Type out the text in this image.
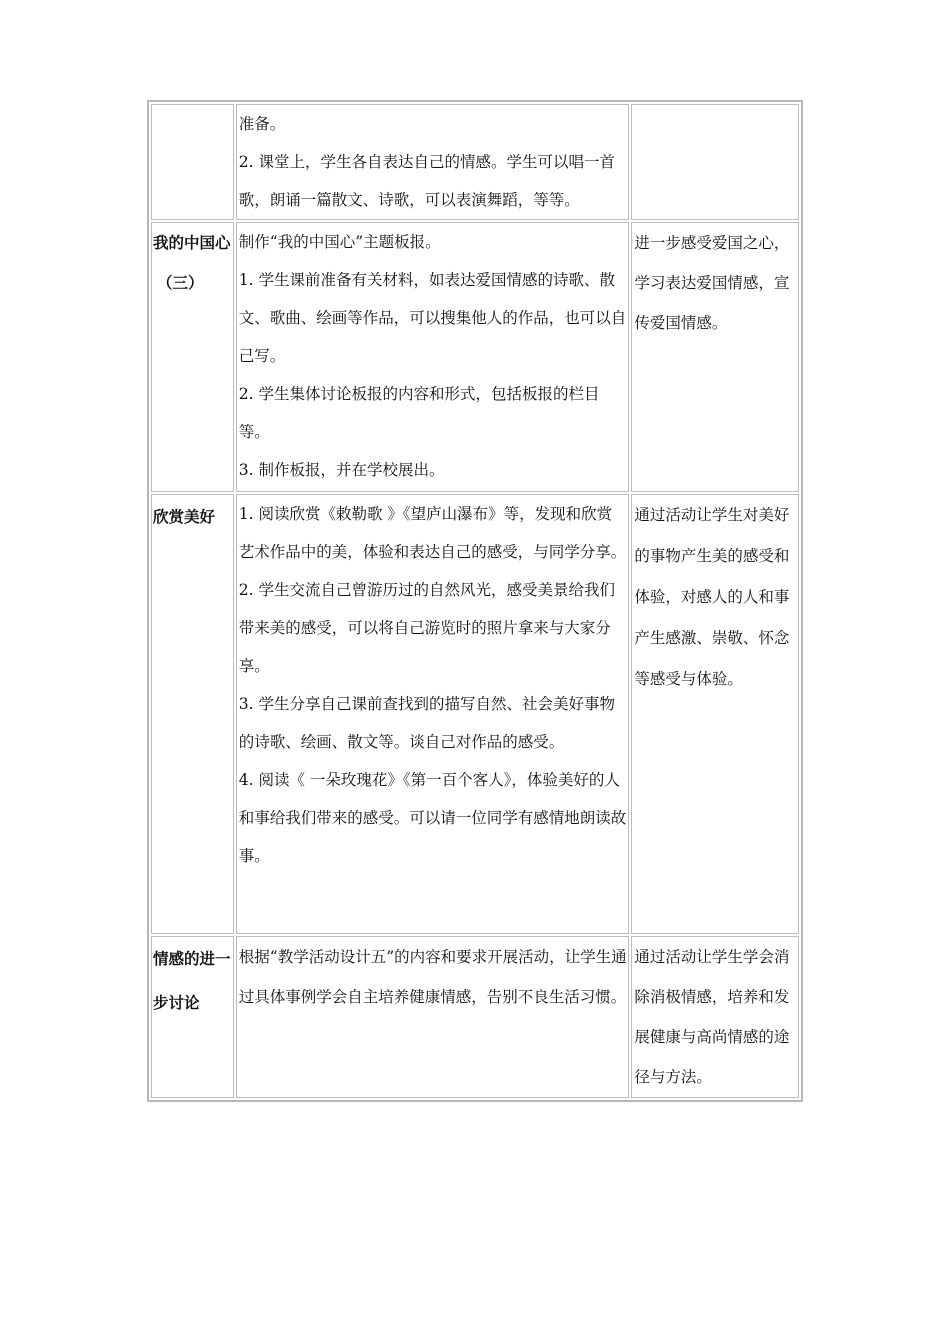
	准备。
2. 课堂上，学生各自表达自己的情感。学生可以唱一首歌，朗诵一篇散文、诗歌，可以表演舞蹈，等等。	

我的中国心
（三）	制作“我的中国心”主题板报。
1. 学生课前准备有关材料，如表达爱国情感的诗歌、散文、歌曲、绘画等作品，可以搜集他人的作品，也可以自己写。
2. 学生集体讨论板报的内容和形式，包括板报的栏目等。
3. 制作板报，并在学校展出。	进一步感受爱国之心，学习表达爱国情感，宣传爱国情感。

欣赏美好	1. 阅读欣赏《敕勒歌 》《望庐山瀑布》等，发现和欣赏艺术作品中的美，体验和表达自己的感受，与同学分享。
2. 学生交流自己曾游历过的自然风光，感受美景给我们带来美的感受，可以将自己游览时的照片拿来与大家分享。
3. 学生分享自己课前查找到的描写自然、社会美好事物的诗歌、绘画、散文等。谈自己对作品的感受。
4. 阅读《 一朵玫瑰花》《第一百个客人》，体验美好的人和事给我们带来的感受。可以请一位同学有感情地朗读故事。	通过活动让学生对美好的事物产生美的感受和体验，对感人的人和事产生感激、崇敬、怀念等感受与体验。

情感的进一
步讨论	根据“教学活动设计五”的内容和要求开展活动，让学生通过具体事例学会自主培养健康情感，告别不良生活习惯。	通过活动让学生学会消除消极情感，培养和发展健康与高尚情感的途径与方法。
